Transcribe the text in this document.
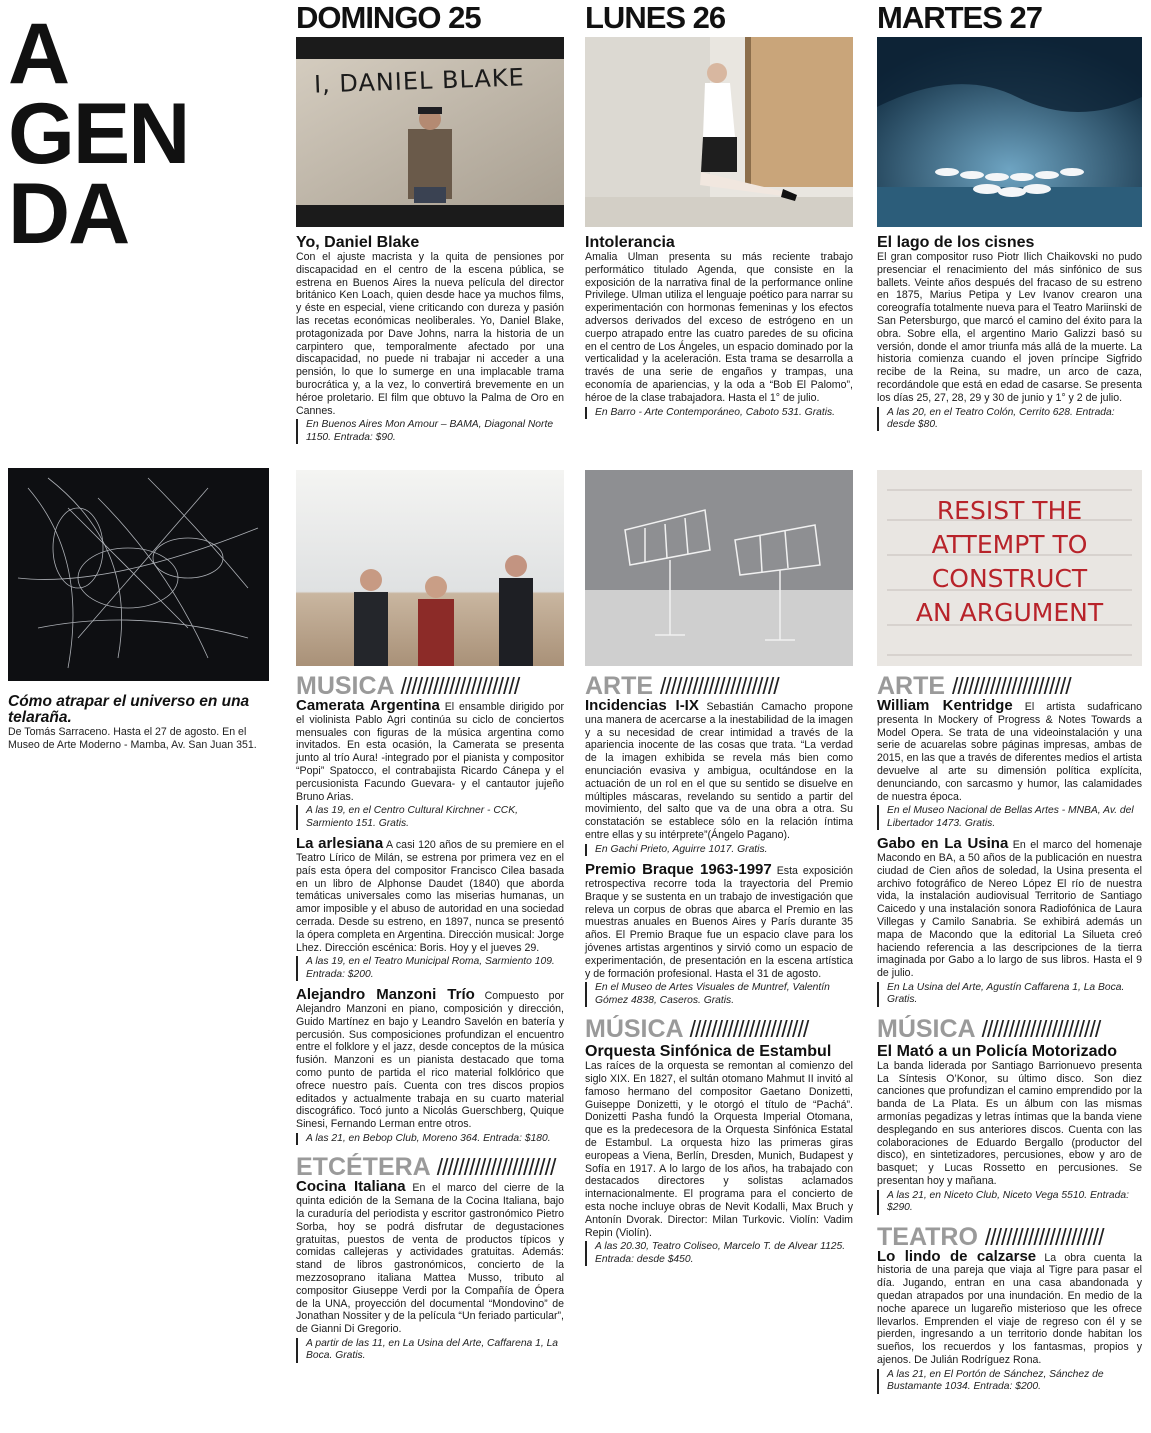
A
GEN
DA
DOMINGO 25	LUNES 26	MARTES 27
I, DANIEL BLAKE
Yo, Daniel Blake
Con el ajuste macrista y la quita de pensiones por discapacidad en el centro de la escena pública, se estrena en Buenos Aires la nueva película del director británico Ken Loach, quien desde hace ya muchos films, y éste en especial, viene criticando con dureza y pasión las recetas económicas neoliberales. Yo, Daniel Blake, protagonizada por Dave Johns, narra la historia de un carpintero que, temporalmente afectado por una discapacidad, no puede ni trabajar ni acceder a una pensión, lo que lo sumerge en una implacable trama burocrática y, a la vez, lo convertirá brevemente en un héroe proletario. El film que obtuvo la Palma de Oro en Cannes.
En Buenos Aires Mon Amour – BAMA, Diagonal Norte 1150. Entrada: $90.
Intolerancia
Amalia Ulman presenta su más reciente trabajo performático titulado Agenda, que consiste en la exposición de la narrativa final de la performance online Privilege. Ulman utiliza el lenguaje poético para narrar su experimentación con hormonas femeninas y los efectos adversos derivados del exceso de estrógeno en un cuerpo atrapado entre las cuatro paredes de su oficina en el centro de Los Ángeles, un espacio dominado por la verticalidad y la aceleración. Esta trama se desarrolla a través de una serie de engaños y trampas, una economía de apariencias, y la oda a “Bob El Palomo”, héroe de la clase trabajadora. Hasta el 1° de julio.
En Barro - Arte Contemporáneo, Caboto 531. Gratis.
El lago de los cisnes
El gran compositor ruso Piotr Ilich Chaikovski no pudo presenciar el renacimiento del más sinfónico de sus ballets. Veinte años después del fracaso de su estreno en 1875, Marius Petipa y Lev Ivanov crearon una coreografía totalmente nueva para el Teatro Mariinski de San Petersburgo, que marcó el camino del éxito para la obra. Sobre ella, el argentino Mario Galizzi basó su versión, donde el amor triunfa más allá de la muerte. La historia comienza cuando el joven príncipe Sigfrido recibe de la Reina, su madre, un arco de caza, recordándole que está en edad de casarse. Se presenta los días 25, 27, 28, 29 y 30 de junio y 1° y 2 de julio.
A las 20, en el Teatro Colón, Cerrito 628. Entrada: desde $80.
RESIST THE
ATTEMPT TO
CONSTRUCT
AN ARGUMENT
Cómo atrapar el universo en una telaraña.
De Tomás Sarraceno. Hasta el 27 de agosto. En el Museo de Arte Moderno - Mamba, Av. San Juan 351.
MUSICA //////////////////////
Camerata Argentina El ensamble dirigido por el violinista Pablo Agri continúa su ciclo de conciertos mensuales con figuras de la música argentina como invitados. En esta ocasión, la Camerata se presenta junto al trío Aura! -integrado por el pianista y compositor “Popi” Spatocco, el contrabajista Ricardo Cánepa y el percusionista Facundo Guevara- y el cantautor jujeño Bruno Arias.
A las 19, en el Centro Cultural Kirchner - CCK, Sarmiento 151. Gratis.
La arlesiana A casi 120 años de su premiere en el Teatro Lírico de Milán, se estrena por primera vez en el país esta ópera del compositor Francisco Cilea basada en un libro de Alphonse Daudet (1840) que aborda temáticas universales como las miserias humanas, un amor imposible y el abuso de autoridad en una sociedad cerrada. Desde su estreno, en 1897, nunca se presentó la ópera completa en Argentina. Dirección musical: Jorge Lhez. Dirección escénica: Boris. Hoy y el jueves 29.
A las 19, en el Teatro Municipal Roma, Sarmiento 109. Entrada: $200.
Alejandro Manzoni Trío Compuesto por Alejandro Manzoni en piano, composición y dirección, Guido Martínez en bajo y Leandro Savelón en batería y percusión. Sus composiciones profundizan el encuentro entre el folklore y el jazz, desde conceptos de la música fusión. Manzoni es un pianista destacado que toma como punto de partida el rico material folklórico que ofrece nuestro país. Cuenta con tres discos propios editados y actualmente trabaja en su cuarto material discográfico. Tocó junto a Nicolás Guerschberg, Quique Sinesi, Fernando Lerman entre otros.
A las 21, en Bebop Club, Moreno 364. Entrada: $180.
ETCÉTERA //////////////////////
Cocina Italiana En el marco del cierre de la quinta edición de la Semana de la Cocina Italiana, bajo la curaduría del periodista y escritor gastronómico Pietro Sorba, hoy se podrá disfrutar de degustaciones gratuitas, puestos de venta de productos típicos y comidas callejeras y actividades gratuitas. Además: stand de libros gastronómicos, concierto de la mezzosoprano italiana Mattea Musso, tributo al compositor Giuseppe Verdi por la Compañía de Ópera de la UNA, proyección del documental “Mondovino” de Jonathan Nossiter y de la película “Un feriado particular”, de Gianni Di Gregorio.
A partir de las 11, en La Usina del Arte, Caffarena 1, La Boca. Gratis.
ARTE //////////////////////
Incidencias I-IX Sebastián Camacho propone una manera de acercarse a la inestabilidad de la imagen y a su necesidad de crear intimidad a través de la apariencia inocente de las cosas que trata. “La verdad de la imagen exhibida se revela más bien como enunciación evasiva y ambigua, ocultándose en la actuación de un rol en el que su sentido se disuelve en múltiples máscaras, revelando su sentido a partir del movimiento, del salto que va de una obra a otra. Su constatación se establece sólo en la relación íntima entre ellas y su intérprete”(Ángelo Pagano).
En Gachi Prieto, Aguirre 1017. Gratis.
Premio Braque 1963-1997 Esta exposición retrospectiva recorre toda la trayectoria del Premio Braque y se sustenta en un trabajo de investigación que releva un corpus de obras que abarca el Premio en las muestras anuales en Buenos Aires y París durante 35 años. El Premio Braque fue un espacio clave para los jóvenes artistas argentinos y sirvió como un espacio de experimentación, de presentación en la escena artística y de formación profesional. Hasta el 31 de agosto.
En el Museo de Artes Visuales de Muntref, Valentín Gómez 4838, Caseros. Gratis.
MÚSICA //////////////////////
Orquesta Sinfónica de Estambul
Las raíces de la orquesta se remontan al comienzo del siglo XIX. En 1827, el sultán otomano Mahmut II invitó al famoso hermano del compositor Gaetano Donizetti, Guiseppe Donizetti, y le otorgó el título de “Pachá”. Donizetti Pasha fundó la Orquesta Imperial Otomana, que es la predecesora de la Orquesta Sinfónica Estatal de Estambul. La orquesta hizo las primeras giras europeas a Viena, Berlín, Dresden, Munich, Budapest y Sofía en 1917. A lo largo de los años, ha trabajado con destacados directores y solistas aclamados internacionalmente. El programa para el concierto de esta noche incluye obras de Nevit Kodalli, Max Bruch y Antonín Dvorak. Director: Milan Turkovic. Violín: Vadim Repin (Violín).
A las 20.30, Teatro Coliseo, Marcelo T. de Alvear 1125. Entrada: desde $450.
ARTE //////////////////////
William Kentridge El artista sudafricano presenta In Mockery of Progress & Notes Towards a Model Opera. Se trata de una videoinstalación y una serie de acuarelas sobre páginas impresas, ambas de 2015, en las que a través de diferentes medios el artista devuelve al arte su dimensión política explícita, denunciando, con sarcasmo y humor, las calamidades de nuestra época.
En el Museo Nacional de Bellas Artes - MNBA, Av. del Libertador 1473. Gratis.
Gabo en La Usina En el marco del homenaje Macondo en BA, a 50 años de la publicación en nuestra ciudad de Cien años de soledad, la Usina presenta el archivo fotográfico de Nereo López El río de nuestra vida, la instalación audiovisual Territorio de Santiago Caicedo y una instalación sonora Radiofónica de Laura Villegas y Camilo Sanabria. Se exhibirá además un mapa de Macondo que la editorial La Silueta creó haciendo referencia a las descripciones de la tierra imaginada por Gabo a lo largo de sus libros. Hasta el 9 de julio.
En La Usina del Arte, Agustín Caffarena 1, La Boca. Gratis.
MÚSICA //////////////////////
El Mató a un Policía Motorizado
La banda liderada por Santiago Barrionuevo presenta La Síntesis O’Konor, su último disco. Son diez canciones que profundizan el camino emprendido por la banda de La Plata. Es un álbum con las mismas armonías pegadizas y letras íntimas que la banda viene desplegando en sus anteriores discos. Cuenta con las colaboraciones de Eduardo Bergallo (productor del disco), en sintetizadores, percusiones, ebow y aro de basquet; y Lucas Rossetto en percusiones. Se presentan hoy y mañana.
A las 21, en Niceto Club, Niceto Vega 5510. Entrada: $290.
TEATRO //////////////////////
Lo lindo de calzarse La obra cuenta la historia de una pareja que viaja al Tigre para pasar el día. Jugando, entran en una casa abandonada y quedan atrapados por una inundación. En medio de la noche aparece un lugareño misterioso que les ofrece llevarlos. Emprenden el viaje de regreso con él y se pierden, ingresando a un territorio donde habitan los sueños, los recuerdos y los fantasmas, propios y ajenos. De Julián Rodríguez Rona.
A las 21, en El Portón de Sánchez, Sánchez de Bustamante 1034. Entrada: $200.
